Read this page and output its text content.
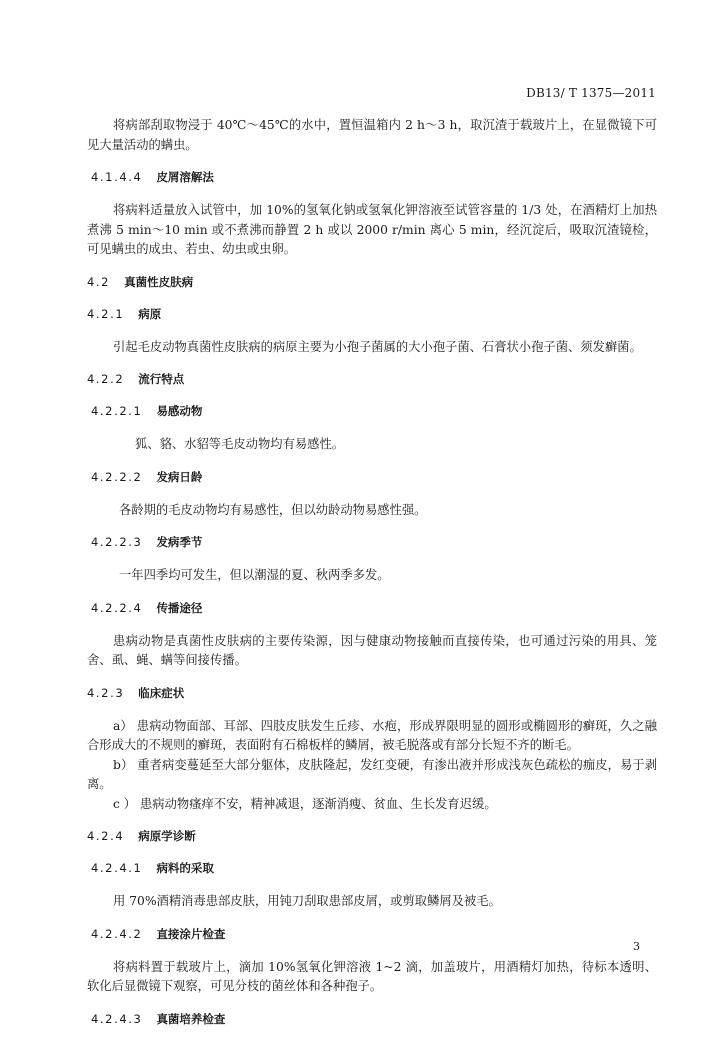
DB13/ T 1375—2011

将病部刮取物浸于 40℃～45℃的水中，置恒温箱内 2 h～3 h，取沉渣于载玻片上，在显微镜下可见大量活动的螨虫。

4.1.4.4 皮屑溶解法

将病料适量放入试管中，加 10%的氢氧化钠或氢氧化钾溶液至试管容量的 1/3 处，在酒精灯上加热煮沸 5 min～10 min 或不煮沸而静置 2 h 或以 2000 r/min 离心 5 min，经沉淀后，吸取沉渣镜检，可见螨虫的成虫、若虫、幼虫或虫卵。

4.2 真菌性皮肤病
4.2.1 病原

引起毛皮动物真菌性皮肤病的病原主要为小孢子菌属的大小孢子菌、石膏状小孢子菌、须发癣菌。

4.2.2 流行特点
4.2.2.1 易感动物

狐、貉、水貂等毛皮动物均有易感性。

4.2.2.2 发病日龄

各龄期的毛皮动物均有易感性，但以幼龄动物易感性强。

4.2.2.3 发病季节

一年四季均可发生，但以潮湿的夏、秋两季多发。

4.2.2.4 传播途径

患病动物是真菌性皮肤病的主要传染源，因与健康动物接触而直接传染，也可通过污染的用具、笼舍、虱、蝇、螨等间接传播。

4.2.3 临床症状

a） 患病动物面部、耳部、四肢皮肤发生丘疹、水疱，形成界限明显的圆形或椭圆形的癣斑，久之融合形成大的不规则的癣斑，表面附有石棉板样的鳞屑，被毛脱落或有部分长短不齐的断毛。

b） 重者病变蔓延至大部分躯体，皮肤隆起，发红变硬，有渗出液并形成浅灰色疏松的痂皮，易于剥离。

c ） 患病动物瘙痒不安，精神减退，逐渐消瘦、贫血、生长发育迟缓。

4.2.4 病原学诊断
4.2.4.1 病料的采取

用 70%酒精消毒患部皮肤，用钝刀刮取患部皮屑，或剪取鳞屑及被毛。

4.2.4.2 直接涂片检查

将病料置于载玻片上，滴加 10%氢氧化钾溶液 1~2 滴，加盖玻片，用酒精灯加热，待标本透明、软化后显微镜下观察，可见分枝的菌丝体和各种孢子。

4.2.4.3 真菌培养检查
3
